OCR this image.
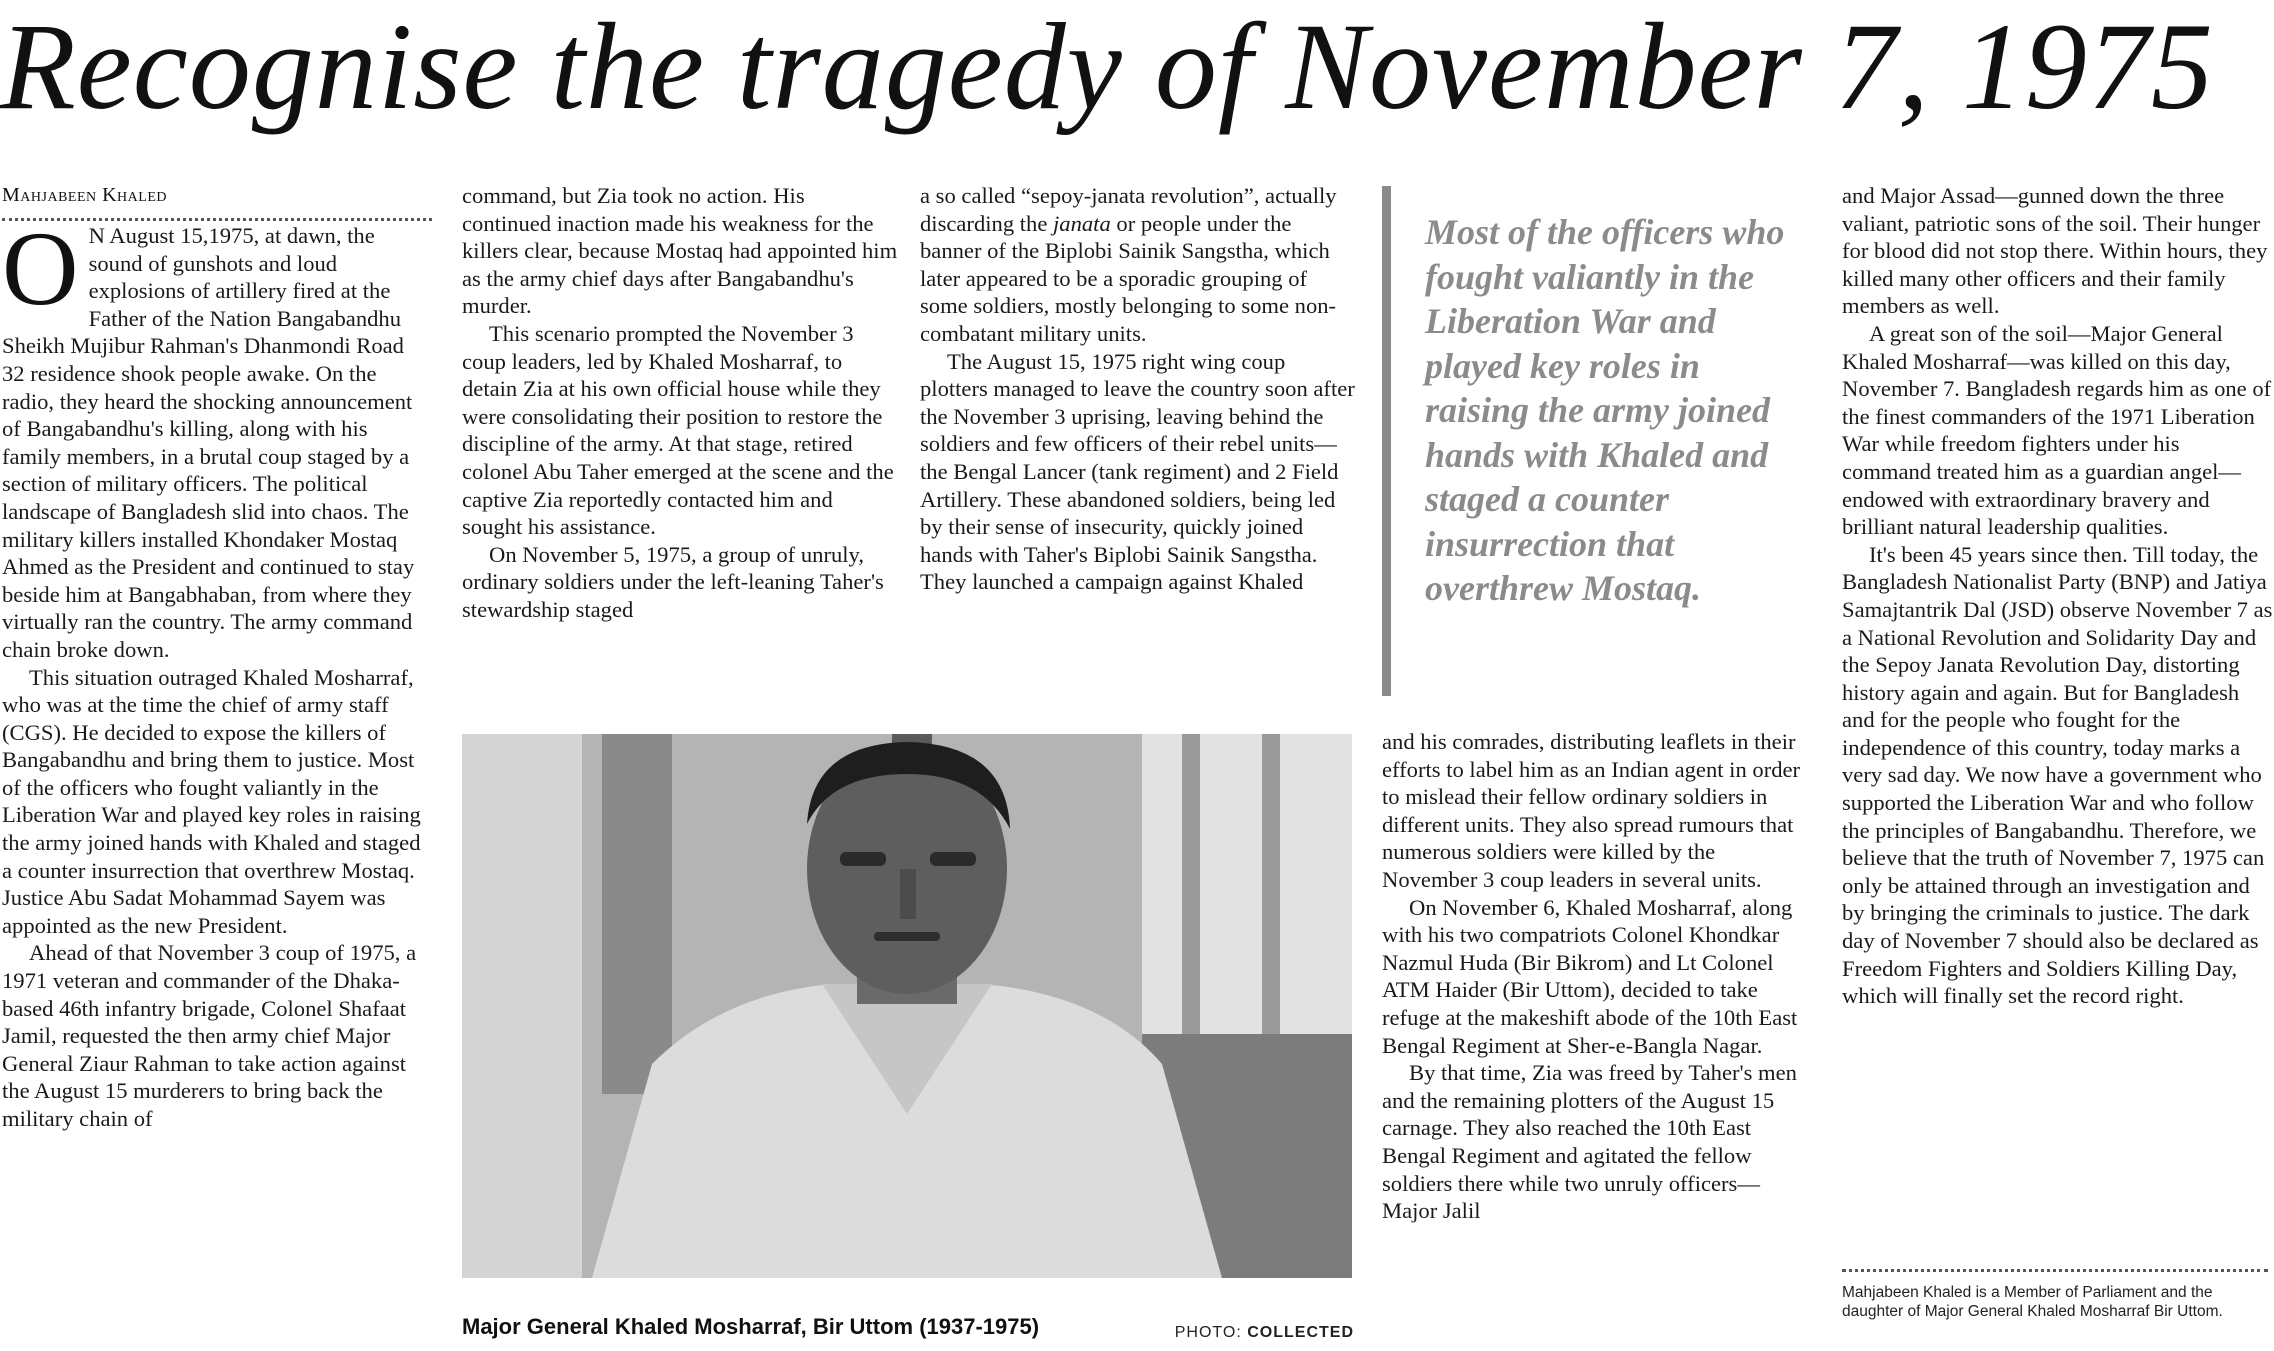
Recognise the tragedy of November 7, 1975
Mahjabeen Khaled

O N August 15,1975, at dawn, the sound of gunshots and loud explosions of artillery fired at the Father of the Nation Bangabandhu Sheikh Mujibur Rahman's Dhanmondi Road 32 residence shook people awake. On the radio, they heard the shocking announcement of Bangabandhu's killing, along with his family members, in a brutal coup staged by a section of military officers. The political landscape of Bangladesh slid into chaos. The military killers installed Khondaker Mostaq Ahmed as the President and continued to stay beside him at Bangabhaban, from where they virtually ran the country. The army command chain broke down.

This situation outraged Khaled Mosharraf, who was at the time the chief of army staff (CGS). He decided to expose the killers of Bangabandhu and bring them to justice. Most of the officers who fought valiantly in the Liberation War and played key roles in raising the army joined hands with Khaled and staged a counter insurrection that overthrew Mostaq. Justice Abu Sadat Mohammad Sayem was appointed as the new President.

Ahead of that November 3 coup of 1975, a 1971 veteran and commander of the Dhaka-based 46th infantry brigade, Colonel Shafaat Jamil, requested the then army chief Major General Ziaur Rahman to take action against the August 15 murderers to bring back the military chain of

command, but Zia took no action. His continued inaction made his weakness for the killers clear, because Mostaq had appointed him as the army chief days after Bangabandhu's murder.

This scenario prompted the November 3 coup leaders, led by Khaled Mosharraf, to detain Zia at his own official house while they were consolidating their position to restore the discipline of the army. At that stage, retired colonel Abu Taher emerged at the scene and the captive Zia reportedly contacted him and sought his assistance.

On November 5, 1975, a group of unruly, ordinary soldiers under the left-leaning Taher's stewardship staged

a so called “sepoy-janata revolution”, actually discarding the janata or people under the banner of the Biplobi Sainik Sangstha, which later appeared to be a sporadic grouping of some soldiers, mostly belonging to some non-combatant military units.

The August 15, 1975 right wing coup plotters managed to leave the country soon after the November 3 uprising, leaving behind the soldiers and few officers of their rebel units—the Bengal Lancer (tank regiment) and 2 Field Artillery. These abandoned soldiers, being led by their sense of insecurity, quickly joined hands with Taher's Biplobi Sainik Sangstha. They launched a campaign against Khaled

Most of the officers who fought valiantly in the Liberation War and played key roles in raising the army joined hands with Khaled and staged a counter insurrection that overthrew Mostaq.
Major General Khaled Mosharraf, Bir Uttom (1937-1975)	PHOTO: COLLECTED

and his comrades, distributing leaflets in their efforts to label him as an Indian agent in order to mislead their fellow ordinary soldiers in different units. They also spread rumours that numerous soldiers were killed by the November 3 coup leaders in several units.

On November 6, Khaled Mosharraf, along with his two compatriots Colonel Khondkar Nazmul Huda (Bir Bikrom) and Lt Colonel ATM Haider (Bir Uttom), decided to take refuge at the makeshift abode of the 10th East Bengal Regiment at Sher-e-Bangla Nagar.

By that time, Zia was freed by Taher's men and the remaining plotters of the August 15 carnage. They also reached the 10th East Bengal Regiment and agitated the fellow soldiers there while two unruly officers—Major Jalil

and Major Assad—gunned down the three valiant, patriotic sons of the soil. Their hunger for blood did not stop there. Within hours, they killed many other officers and their family members as well.

A great son of the soil—Major General Khaled Mosharraf—was killed on this day, November 7. Bangladesh regards him as one of the finest commanders of the 1971 Liberation War while freedom fighters under his command treated him as a guardian angel—endowed with extraordinary bravery and brilliant natural leadership qualities.

It's been 45 years since then. Till today, the Bangladesh Nationalist Party (BNP) and Jatiya Samajtantrik Dal (JSD) observe November 7 as a National Revolution and Solidarity Day and the Sepoy Janata Revolution Day, distorting history again and again. But for Bangladesh and for the people who fought for the independence of this country, today marks a very sad day. We now have a government who supported the Liberation War and who follow the principles of Bangabandhu. Therefore, we believe that the truth of November 7, 1975 can only be attained through an investigation and by bringing the criminals to justice. The dark day of November 7 should also be declared as Freedom Fighters and Soldiers Killing Day, which will finally set the record right.

Mahjabeen Khaled is a Member of Parliament and the daughter of Major General Khaled Mosharraf Bir Uttom.
